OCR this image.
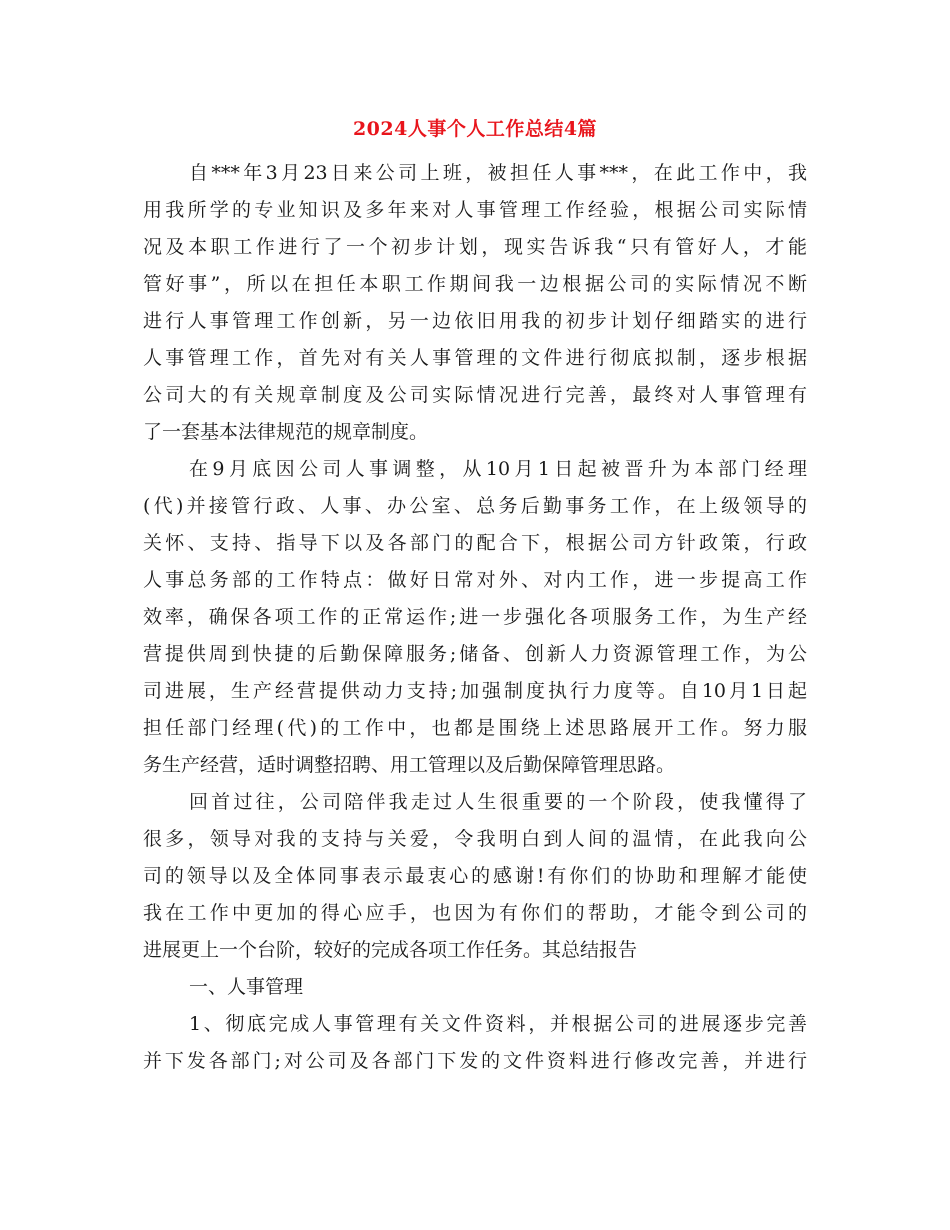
2024人事个人工作总结4篇
自***年3月23日来公司上班，被担任人事***，在此工作中，我
用我所学的专业知识及多年来对人事管理工作经验，根据公司实际情
况及本职工作进行了一个初步计划，现实告诉我“只有管好人，才能
管好事”，所以在担任本职工作期间我一边根据公司的实际情况不断
进行人事管理工作创新，另一边依旧用我的初步计划仔细踏实的进行
人事管理工作，首先对有关人事管理的文件进行彻底拟制，逐步根据
公司大的有关规章制度及公司实际情况进行完善，最终对人事管理有
了一套基本法律规范的规章制度。
在9月底因公司人事调整，从10月1日起被晋升为本部门经理
(代)并接管行政、人事、办公室、总务后勤事务工作，在上级领导的
关怀、支持、指导下以及各部门的配合下，根据公司方针政策，行政
人事总务部的工作特点：做好日常对外、对内工作，进一步提高工作
效率，确保各项工作的正常运作;进一步强化各项服务工作，为生产经
营提供周到快捷的后勤保障服务;储备、创新人力资源管理工作，为公
司进展，生产经营提供动力支持;加强制度执行力度等。自10月1日起
担任部门经理(代)的工作中，也都是围绕上述思路展开工作。努力服
务生产经营，适时调整招聘、用工管理以及后勤保障管理思路。
回首过往，公司陪伴我走过人生很重要的一个阶段，使我懂得了
很多，领导对我的支持与关爱，令我明白到人间的温情，在此我向公
司的领导以及全体同事表示最衷心的感谢!有你们的协助和理解才能使
我在工作中更加的得心应手，也因为有你们的帮助，才能令到公司的
进展更上一个台阶，较好的完成各项工作任务。其总结报告
一、人事管理
1、彻底完成人事管理有关文件资料，并根据公司的进展逐步完善
并下发各部门;对公司及各部门下发的文件资料进行修改完善，并进行
